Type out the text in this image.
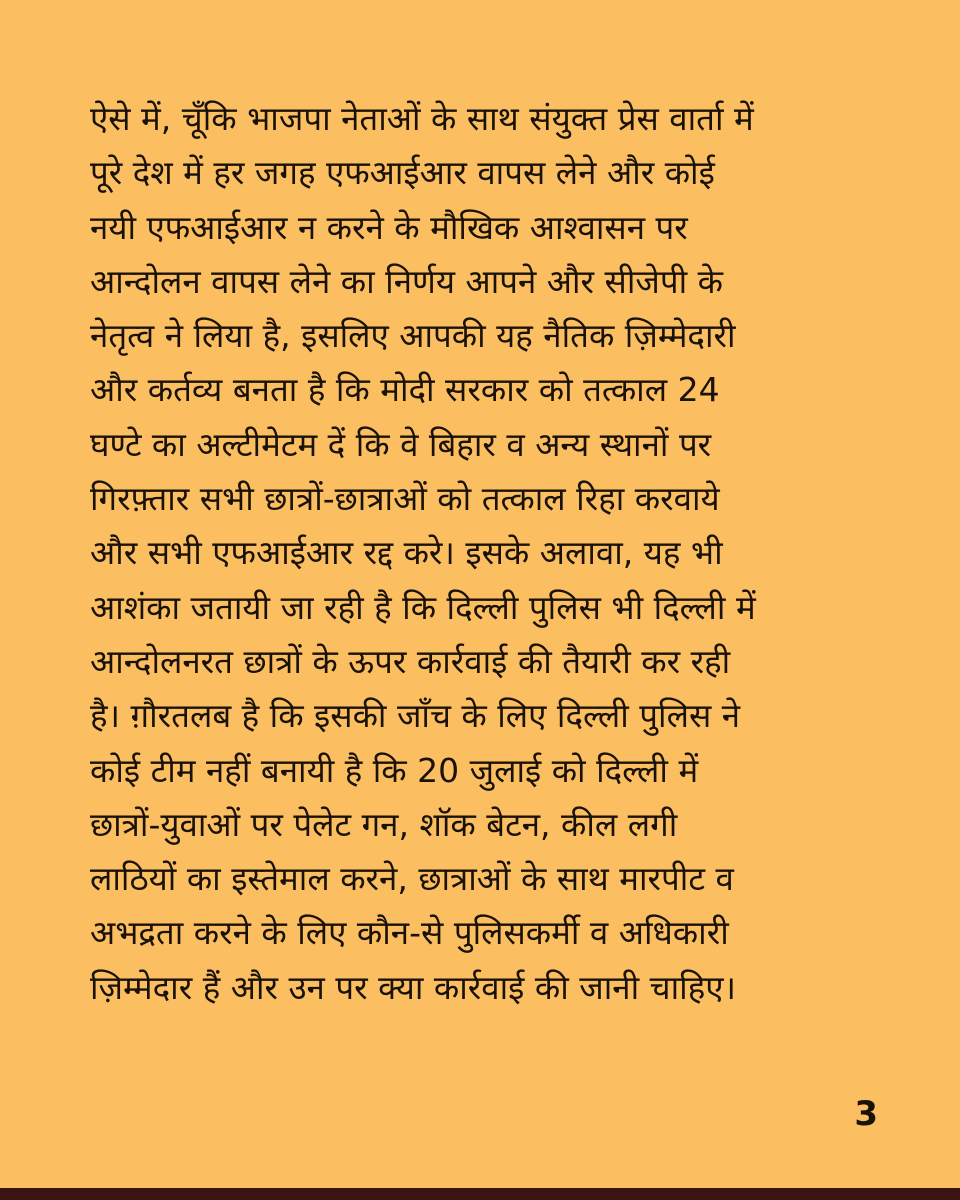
ऐसे में, चूँकि भाजपा नेताओं के साथ संयुक्त प्रेस वार्ता में
पूरे देश में हर जगह एफआईआर वापस लेने और कोई
नयी एफआईआर न करने के मौखिक आश्वासन पर
आन्दोलन वापस लेने का निर्णय आपने और सीजेपी के
नेतृत्व ने लिया है, इसलिए आपकी यह नैतिक ज़िम्मेदारी
और कर्तव्य बनता है कि मोदी सरकार को तत्काल 24
घण्टे का अल्टीमेटम दें कि वे बिहार व अन्य स्थानों पर
गिरफ़्तार सभी छात्रों-छात्राओं को तत्काल रिहा करवाये
और सभी एफआईआर रद्द करे। इसके अलावा, यह भी
आशंका जतायी जा रही है कि दिल्ली पुलिस भी दिल्ली में
आन्दोलनरत छात्रों के ऊपर कार्रवाई की तैयारी कर रही
है। ग़ौरतलब है कि इसकी जाँच के लिए दिल्ली पुलिस ने
कोई टीम नहीं बनायी है कि 20 जुलाई को दिल्ली में
छात्रों-युवाओं पर पेलेट गन, शॉक बेटन, कील लगी
लाठियों का इस्तेमाल करने, छात्राओं के साथ मारपीट व
अभद्रता करने के लिए कौन-से पुलिसकर्मी व अधिकारी
ज़िम्मेदार हैं और उन पर क्या कार्रवाई की जानी चाहिए।

3
